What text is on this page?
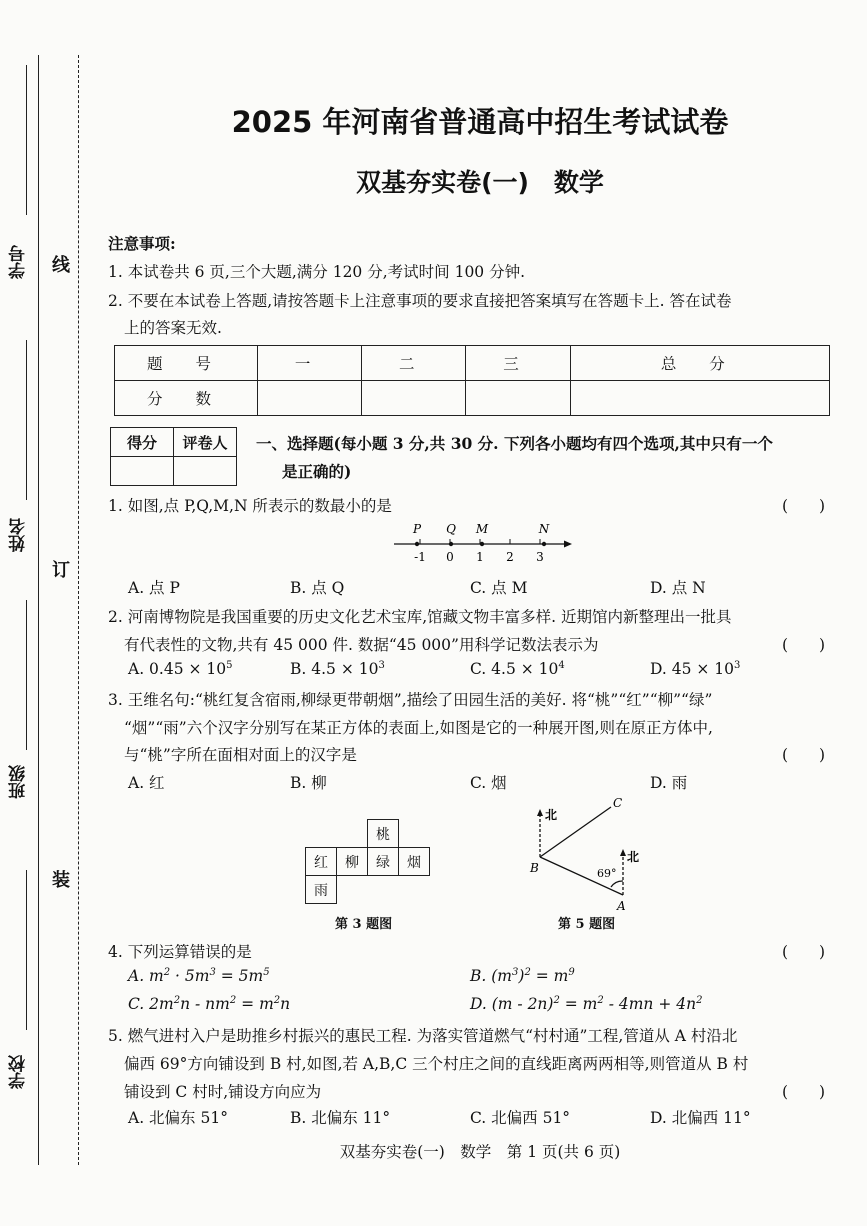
学号
姓名
班级
学校
线
订
装
2025 年河南省普通高中招生考试试卷
双基夯实卷(一)　数学
注意事项:
1. 本试卷共 6 页,三个大题,满分 120 分,考试时间 100 分钟.
2. 不要在本试卷上答题,请按答题卡上注意事项的要求直接把答案填写在答题卡上. 答在试卷
上的答案无效.
题 号	一	二	三	总 分
分 数				
得分	评卷人
	一、选择题(每小题 3 分,共 30 分. 下列各小题均有四个选项,其中只有一个
是正确的)
1. 如图,点 P,Q,M,N 所表示的数最小的是	(　　)
-1 0 1 2 3
P Q M	N
A. 点 P	B. 点 Q	C. 点 M	D. 点 N
2. 河南博物院是我国重要的历史文化艺术宝库,馆藏文物丰富多样. 近期馆内新整理出一批具
有代表性的文物,共有 45 000 件. 数据“45 000”用科学记数法表示为	(　　)
A. $0.45 \times 10^5$	B. $4.5 \times 10^3$	C. $4.5 \times 10^4$	D. $45 \times 10^3$
3. 王维名句:“桃红复含宿雨,柳绿更带朝烟”,描绘了田园生活的美好. 将“桃”“红”“柳”“绿”
“烟”“雨”六个汉字分别写在某正方体的表面上,如图是它的一种展开图,则在原正方体中,
与“桃”字所在面相对面上的汉字是	(　　)
A. 红	B. 柳	C. 烟	D. 雨
		桃	
红	柳	绿	烟
雨			
第 3 题图
北
北
69°
A
B
C
第 5 题图
4. 下列运算错误的是	(　　)
A. $m^2 \cdot 5m^3 = 5m^5$	B. $(m^3)^2 = m^9$
C. $2m^2n - nm^2 = m^2n$	D. $(m - 2n)^2 = m^2 - 4mn + 4n^2$
5. 燃气进村入户是助推乡村振兴的惠民工程. 为落实管道燃气“村村通”工程,管道从 A 村沿北
偏西 69°方向铺设到 B 村,如图,若 A,B,C 三个村庄之间的直线距离两两相等,则管道从 B 村
铺设到 C 村时,铺设方向应为	(　　)
A. 北偏东 51°	B. 北偏东 11°	C. 北偏西 51°	D. 北偏西 11°
双基夯实卷(一)　数学　第 1 页(共 6 页)
